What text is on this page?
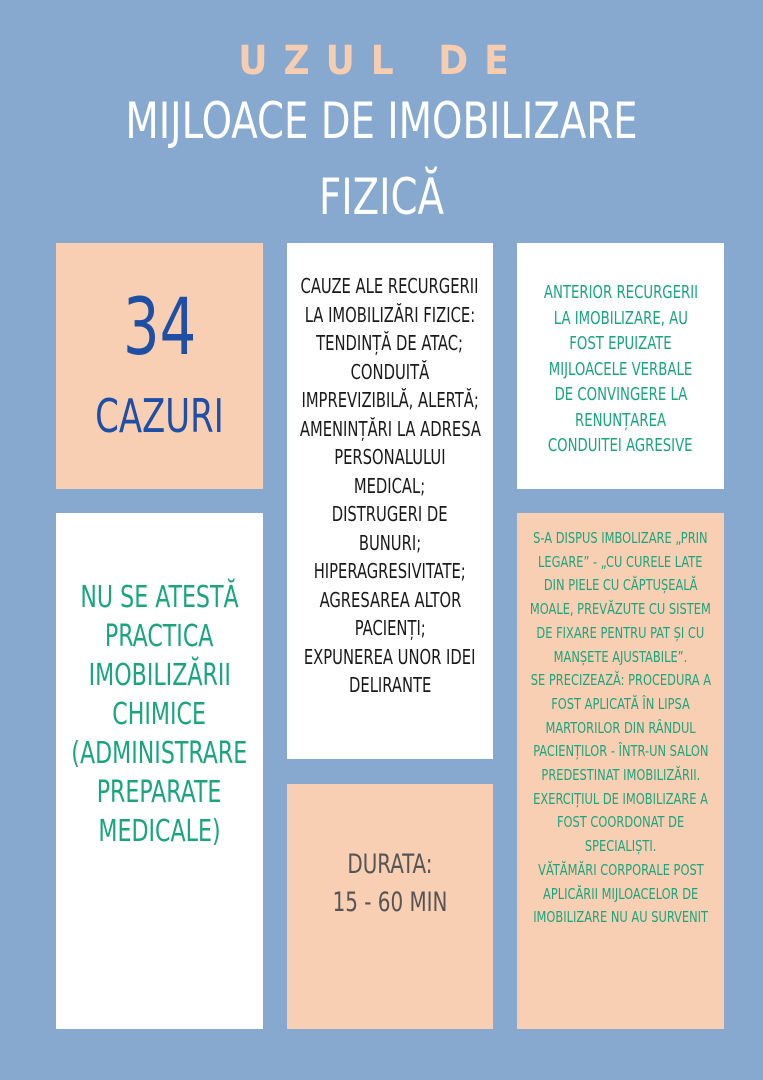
UZUL DE
MIJLOACE DE IMOBILIZARE
FIZICĂ
34
CAZURI
CAUZE ALE RECURGERII
LA IMOBILIZĂRI FIZICE:
TENDINȚĂ DE ATAC;
CONDUITĂ
IMPREVIZIBILĂ, ALERTĂ;
AMENINȚĂRI LA ADRESA
PERSONALULUI
MEDICAL;
DISTRUGERI DE
BUNURI;
HIPERAGRESIVITATE;
AGRESAREA ALTOR
PACIENȚI;
EXPUNEREA UNOR IDEI
DELIRANTE
ANTERIOR RECURGERII
LA IMOBILIZARE, AU
FOST EPUIZATE
MIJLOACELE VERBALE
DE CONVINGERE LA
RENUNȚAREA
CONDUITEI AGRESIVE
NU SE ATESTĂ
PRACTICA
IMOBILIZĂRII
CHIMICE
(ADMINISTRARE
PREPARATE
MEDICALE)
DURATA:
15 - 60 MIN
S-A DISPUS IMBOLIZARE „PRIN
LEGARE” - „CU CURELE LATE
DIN PIELE CU CĂPTUȘEALĂ
MOALE, PREVĂZUTE CU SISTEM
DE FIXARE PENTRU PAT ȘI CU
MANȘETE AJUSTABILE”.
SE PRECIZEAZĂ: PROCEDURA A
FOST APLICATĂ ÎN LIPSA
MARTORILOR DIN RÂNDUL
PACIENȚILOR - ÎNTR-UN SALON
PREDESTINAT IMOBILIZĂRII.
EXERCIȚIUL DE IMOBILIZARE A
FOST COORDONAT DE
SPECIALIȘTI.
VĂTĂMĂRI CORPORALE POST
APLICĂRII MIJLOACELOR DE
IMOBILIZARE NU AU SURVENIT
